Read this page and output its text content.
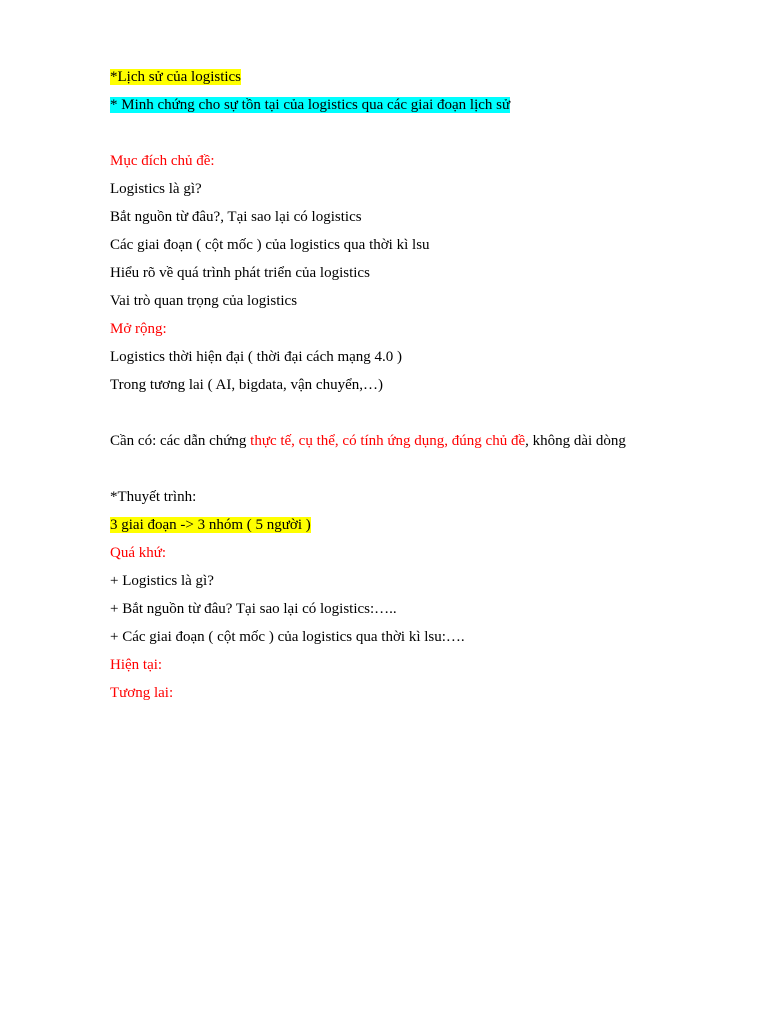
*Lịch sử của logistics
* Minh chứng cho sự tồn tại của logistics qua các giai đoạn lịch sử
Mục đích chủ đề:
Logistics là gì?
Bắt nguồn từ đâu?, Tại sao lại có logistics
Các giai đoạn ( cột mốc ) của logistics qua thời kì lsu
Hiểu rõ về quá trình phát triển của logistics
Vai trò quan trọng của logistics
Mở rộng:
Logistics thời hiện đại ( thời đại cách mạng 4.0 )
Trong tương lai ( AI, bigdata, vận chuyển,…)
Cần có: các dẫn chứng thực tế, cụ thể, có tính ứng dụng, đúng chủ đề, không dài dòng
*Thuyết trình:
3 giai đoạn -> 3 nhóm ( 5 người )
Quá khứ:
+ Logistics là gì?
+ Bắt nguồn từ đâu? Tại sao lại có logistics:…..
+ Các giai đoạn ( cột mốc ) của logistics qua thời kì lsu:….
Hiện tại:
Tương lai:
